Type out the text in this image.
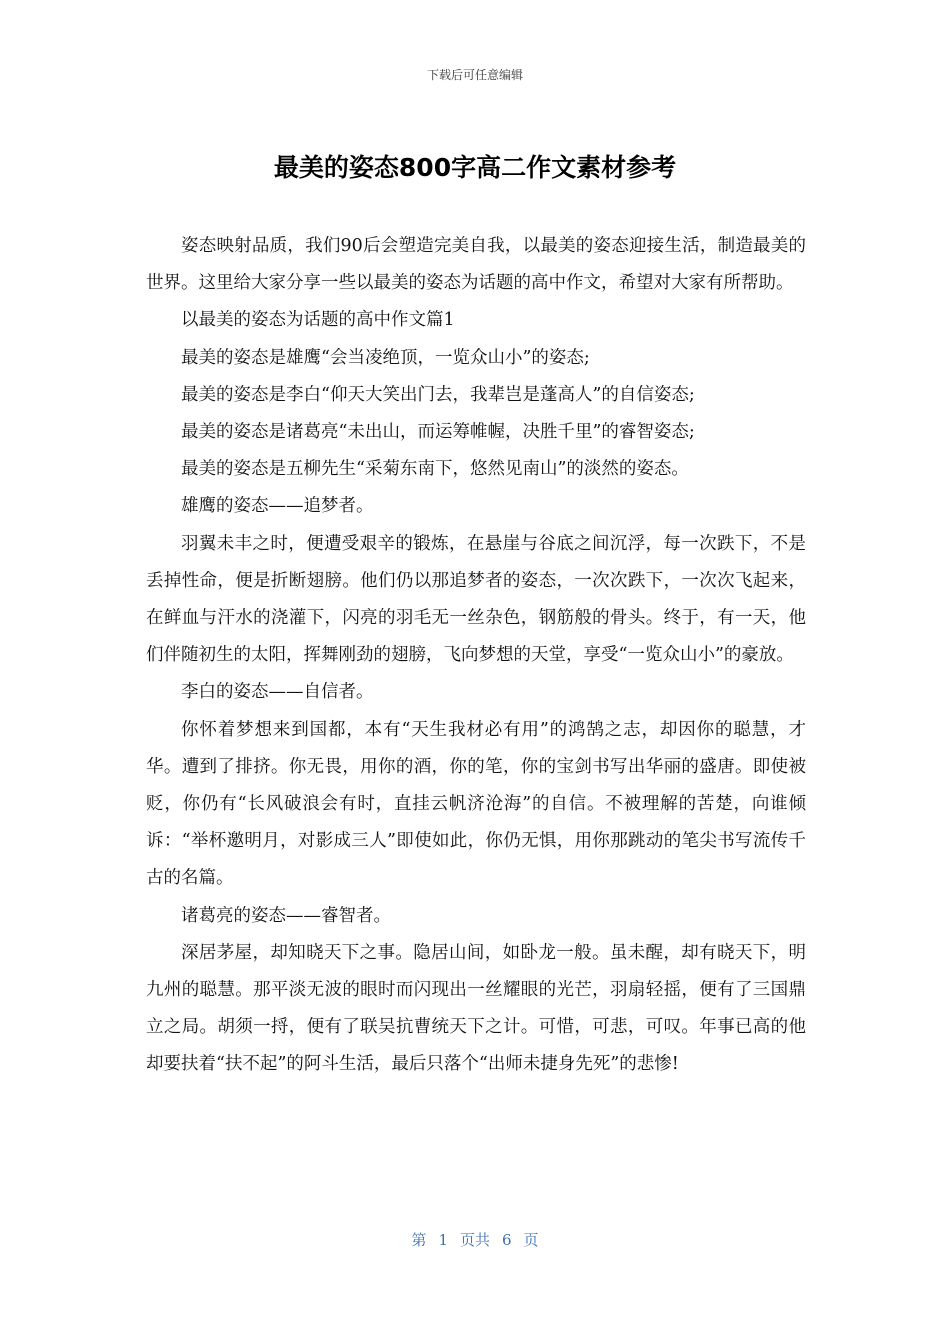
下载后可任意编辑
最美的姿态800字高二作文素材参考

姿态映射品质，我们90后会塑造完美自我，以最美的姿态迎接生活，制造最美的世界。这里给大家分享一些以最美的姿态为话题的高中作文，希望对大家有所帮助。

以最美的姿态为话题的高中作文篇1

最美的姿态是雄鹰“会当凌绝顶，一览众山小”的姿态;

最美的姿态是李白“仰天大笑出门去，我辈岂是蓬高人”的自信姿态;

最美的姿态是诸葛亮“未出山，而运筹帷幄，决胜千里”的睿智姿态;

最美的姿态是五柳先生“采菊东南下，悠然见南山”的淡然的姿态。

雄鹰的姿态——追梦者。

羽翼未丰之时，便遭受艰辛的锻炼，在悬崖与谷底之间沉浮，每一次跌下，不是丢掉性命，便是折断翅膀。他们仍以那追梦者的姿态，一次次跌下，一次次飞起来，在鲜血与汗水的浇灌下，闪亮的羽毛无一丝杂色，钢筋般的骨头。终于，有一天，他们伴随初生的太阳，挥舞刚劲的翅膀，飞向梦想的天堂，享受“一览众山小”的豪放。

李白的姿态——自信者。

你怀着梦想来到国都，本有“天生我材必有用”的鸿鹄之志，却因你的聪慧，才华。遭到了排挤。你无畏，用你的酒，你的笔，你的宝剑书写出华丽的盛唐。即使被贬，你仍有“长风破浪会有时，直挂云帆济沧海”的自信。不被理解的苦楚，向谁倾诉：“举杯邀明月，对影成三人”即使如此，你仍无惧，用你那跳动的笔尖书写流传千古的名篇。

诸葛亮的姿态——睿智者。

深居茅屋，却知晓天下之事。隐居山间，如卧龙一般。虽未醒，却有晓天下，明九州的聪慧。那平淡无波的眼时而闪现出一丝耀眼的光芒，羽扇轻摇，便有了三国鼎立之局。胡须一捋，便有了联吴抗曹统天下之计。可惜，可悲，可叹。年事已高的他却要扶着“扶不起”的阿斗生活，最后只落个“出师未捷身先死”的悲惨!

第 1 页共 6 页
